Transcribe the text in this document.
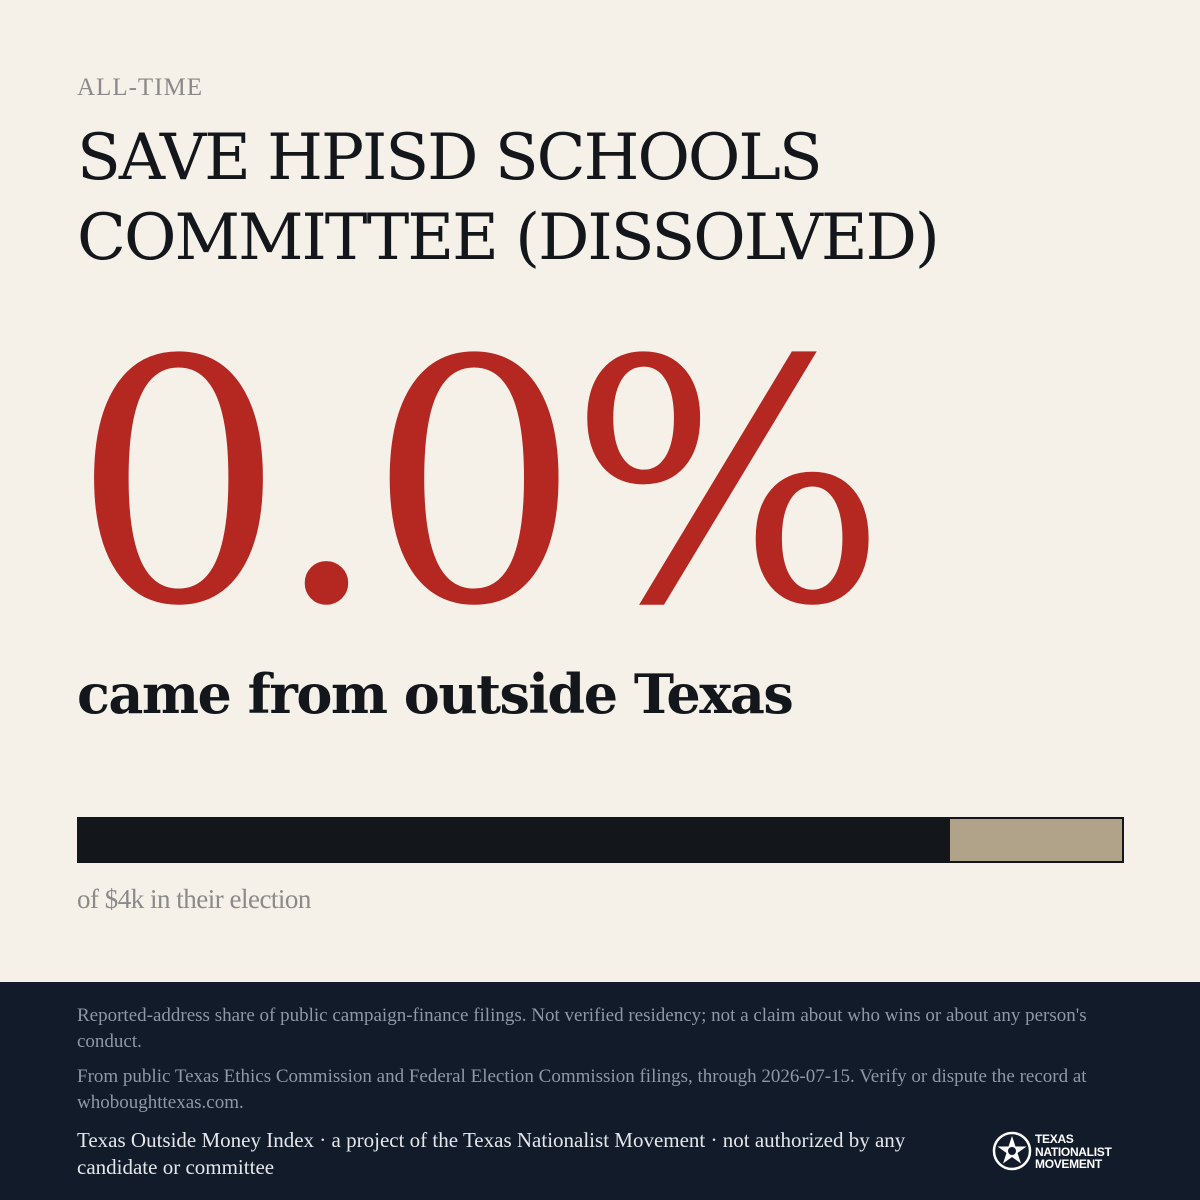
ALL-TIME
SAVE HPISD SCHOOLS COMMITTEE (DISSOLVED)
0.0%
came from outside Texas
of $4k in their election
Reported-address share of public campaign-finance filings. Not verified residency; not a claim about who wins or about any person's conduct.
From public Texas Ethics Commission and Federal Election Commission filings, through 2026-07-15. Verify or dispute the record at whoboughttexas.com.
Texas Outside Money Index · a project of the Texas Nationalist Movement · not authorized by any candidate or committee
TEXAS
NATIONALIST
MOVEMENT
